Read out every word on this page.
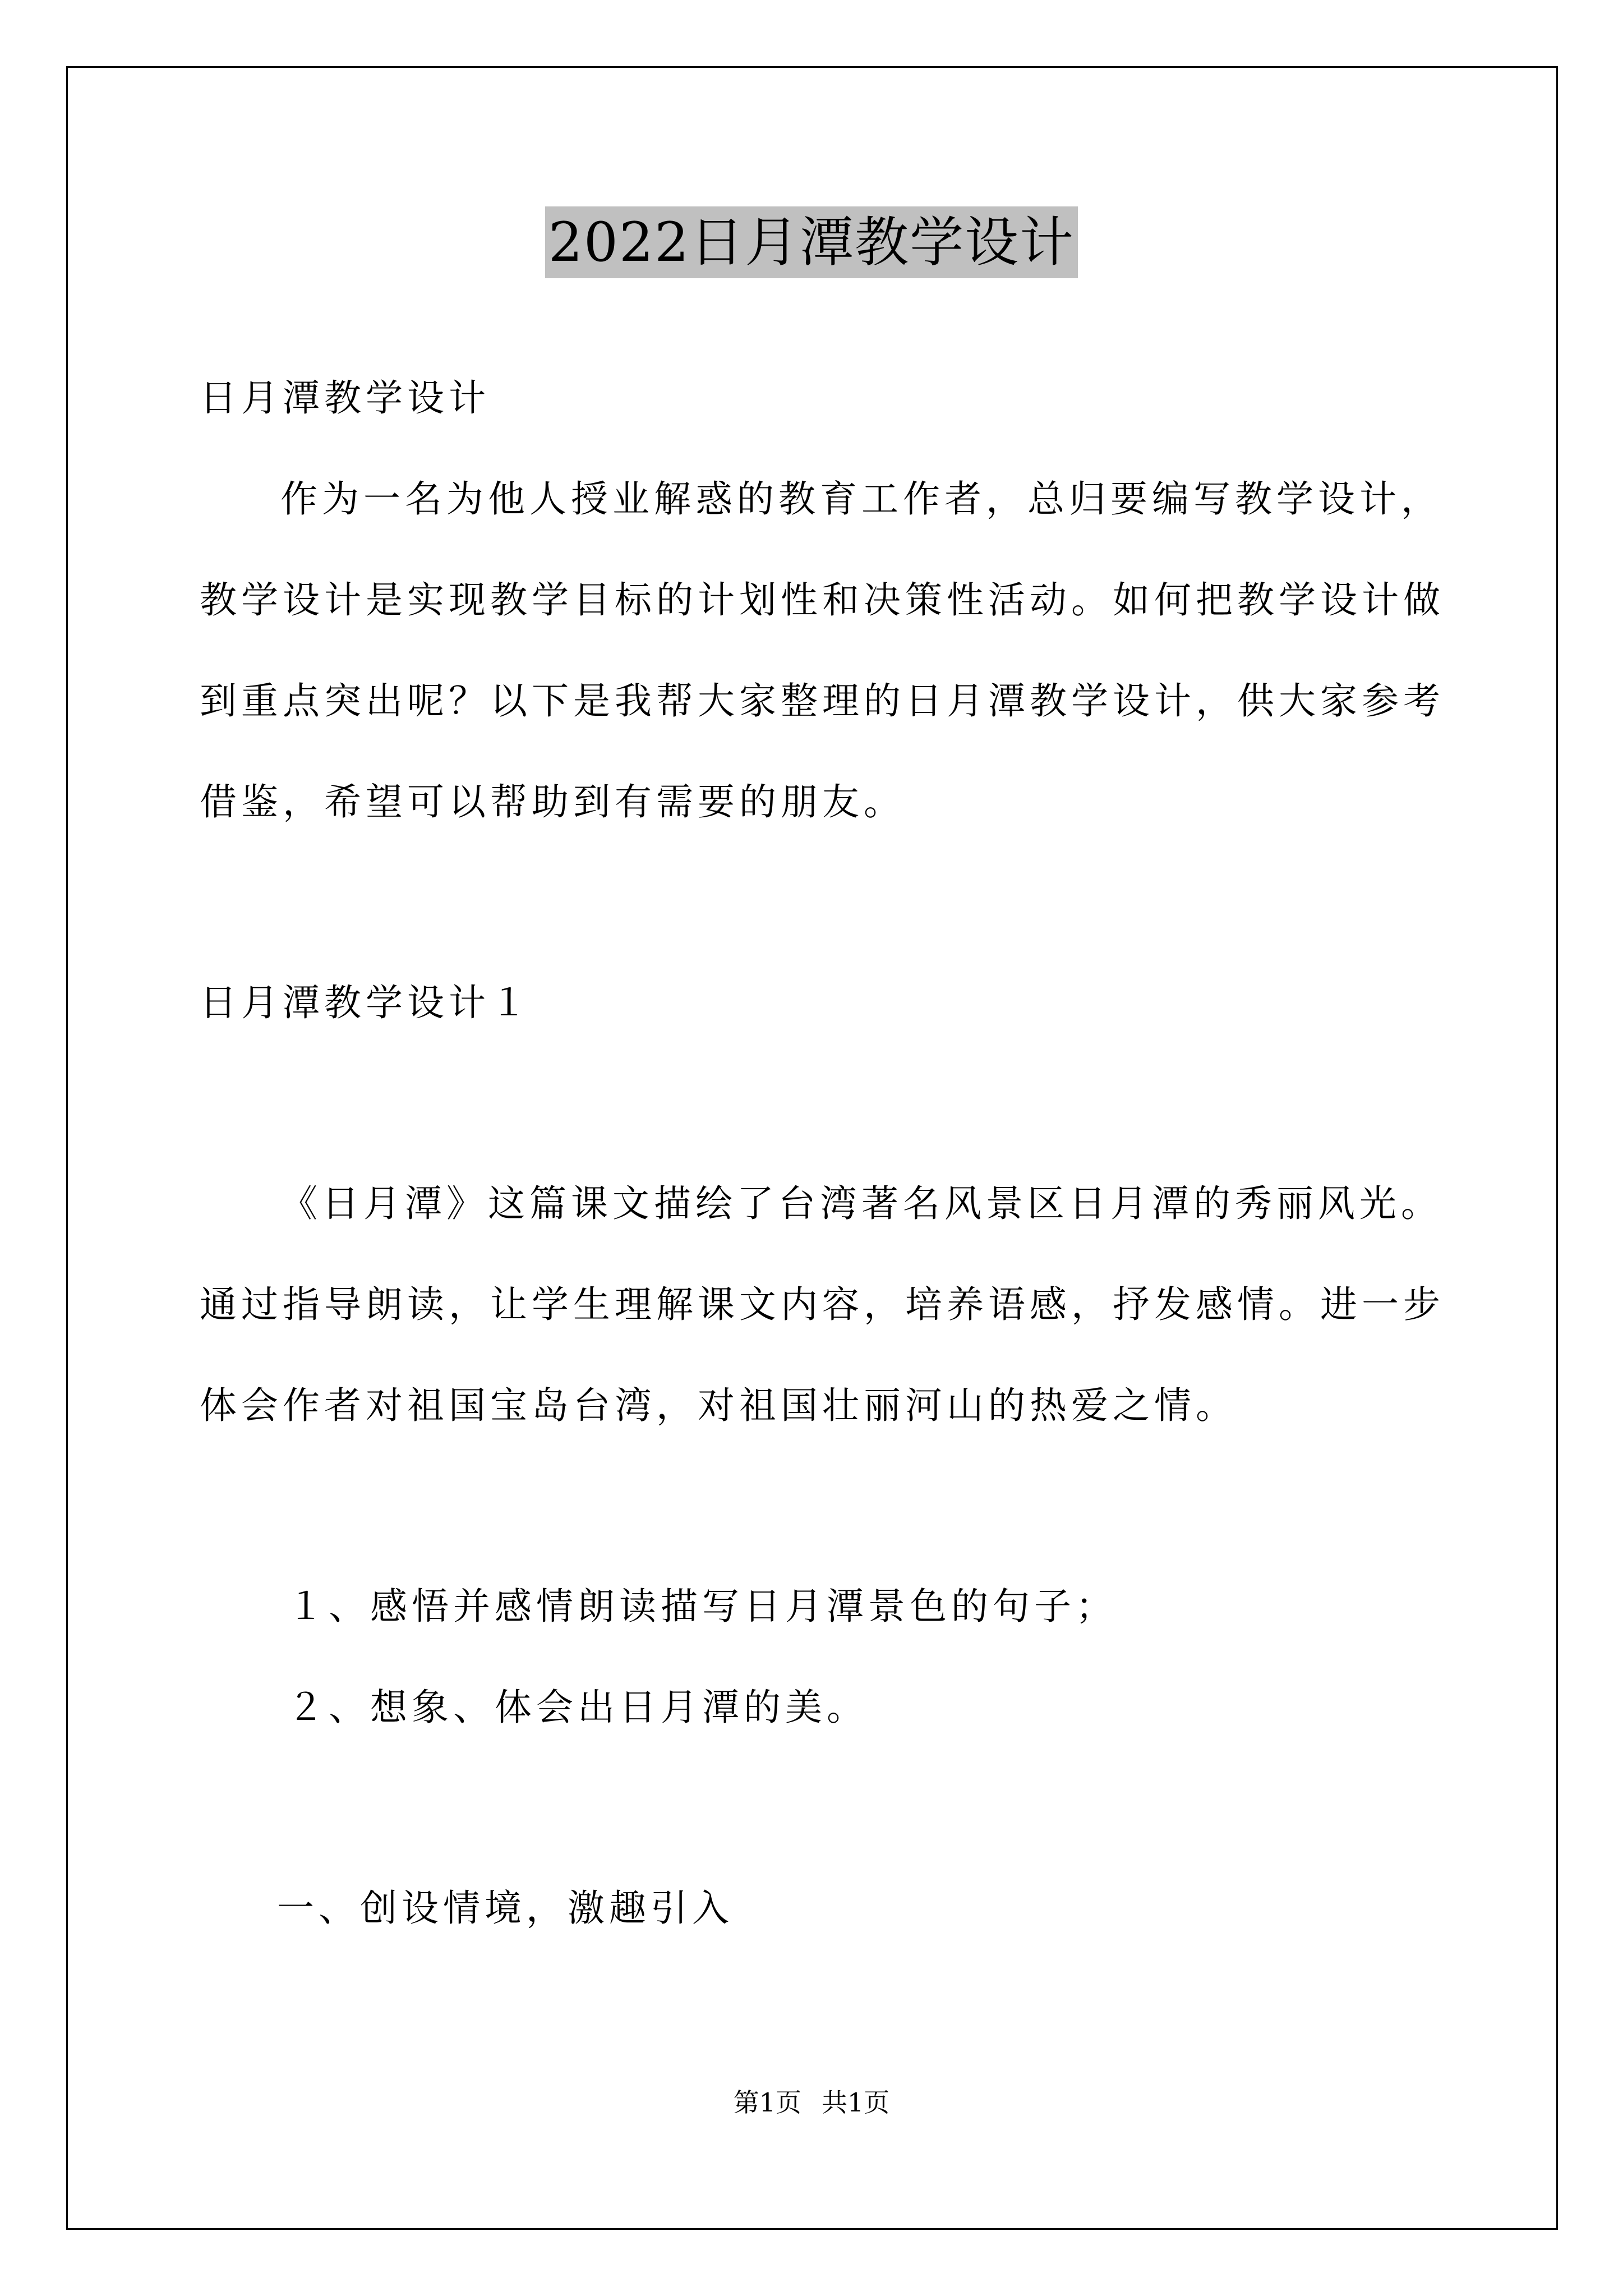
2022日月潭教学设计
日月潭教学设计
作为一名为他人授业解惑的教育工作者，总归要编写教学设计，
教学设计是实现教学目标的计划性和决策性活动。如何把教学设计做
到重点突出呢？以下是我帮大家整理的日月潭教学设计，供大家参考
借鉴，希望可以帮助到有需要的朋友。
日月潭教学设计１
《日月潭》这篇课文描绘了台湾著名风景区日月潭的秀丽风光。
通过指导朗读，让学生理解课文内容，培养语感，抒发感情。进一步
体会作者对祖国宝岛台湾，对祖国壮丽河山的热爱之情。
１、感悟并感情朗读描写日月潭景色的句子；
２、想象、体会出日月潭的美。
一、创设情境，激趣引入
第1页 共1页
